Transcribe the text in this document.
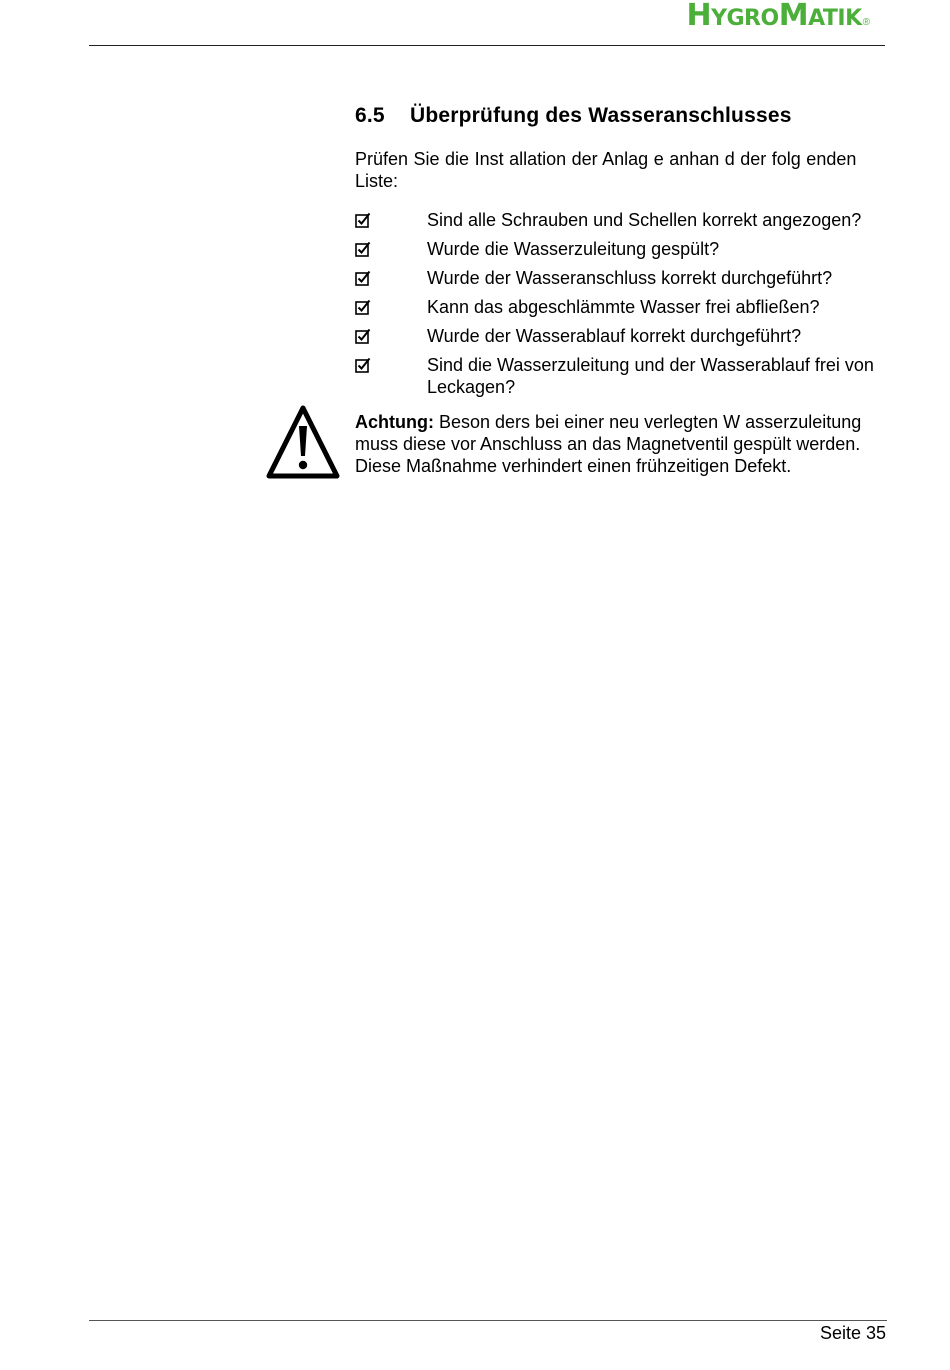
HYGROMATIK ®
6.5 Überprüfung des Wasseranschlusses

Prüfen Sie die Inst allation der Anlag e anhan d der folg enden Liste:

Sind alle Schrauben und Schellen korrekt angezogen?
Wurde die Wasserzuleitung gespült?
Wurde der Wasseranschluss korrekt durchgeführt?
Kann das abgeschlämmte Wasser frei abfließen?
Wurde der Wasserablauf korrekt durchgeführt?
Sind die Wasserzuleitung und der Wasserablauf frei von Leckagen?

Achtung: Beson ders bei einer neu verlegten W asserzuleitung muss diese vor Anschluss an das Magnetventil gespült werden. Diese Maßnahme verhindert einen frühzeitigen Defekt.

Seite 35
